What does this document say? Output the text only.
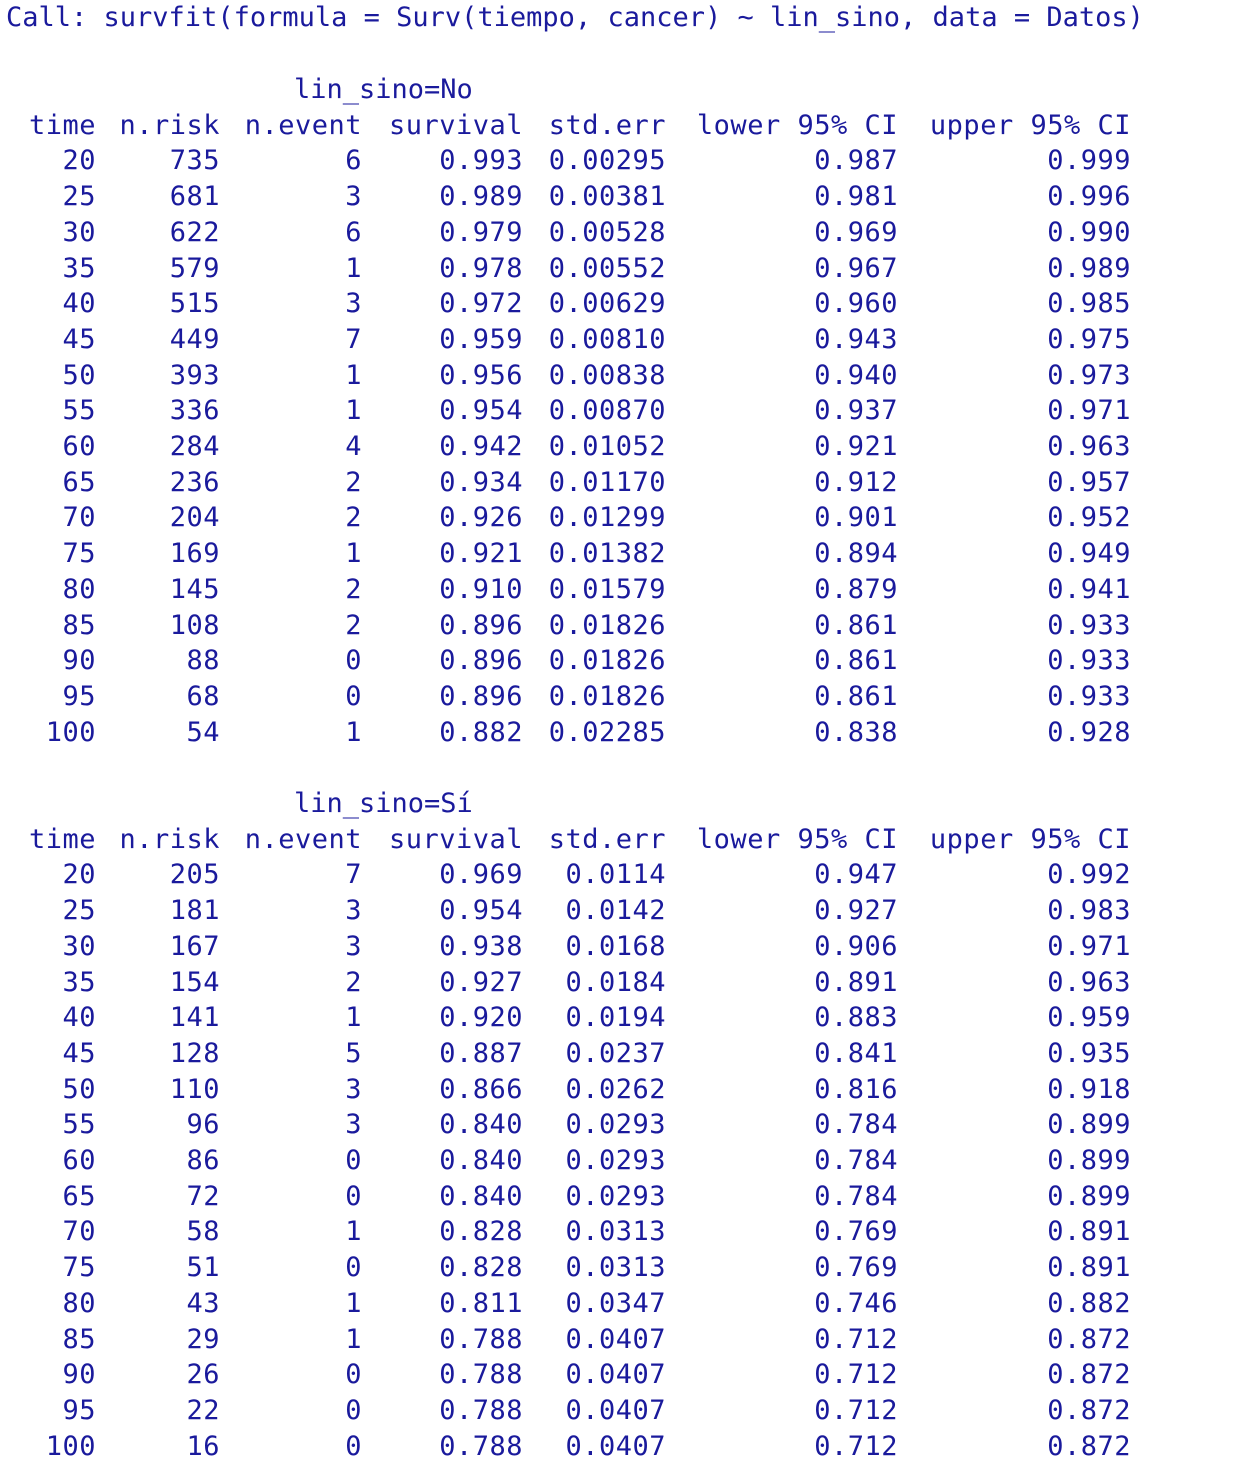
Call: survfit(formula = Surv(tiempo, cancer) ~ lin_sino, data = Datos)
lin_sino=No
time n.risk n.event survival std.err lower 95% CI upper 95% CI
20	735	6	0.993 0.00295	0.987	0.999
25	681	3	0.989 0.00381	0.981	0.996
30	622	6	0.979 0.00528	0.969	0.990
35	579	1	0.978 0.00552	0.967	0.989
40	515	3	0.972 0.00629	0.960	0.985
45	449	7	0.959 0.00810	0.943	0.975
50	393	1	0.956 0.00838	0.940	0.973
55	336	1	0.954 0.00870	0.937	0.971
60	284	4	0.942 0.01052	0.921	0.963
65	236	2	0.934 0.01170	0.912	0.957
70	204	2	0.926 0.01299	0.901	0.952
75	169	1	0.921 0.01382	0.894	0.949
80	145	2	0.910 0.01579	0.879	0.941
85	108	2	0.896 0.01826	0.861	0.933
90	88	0	0.896 0.01826	0.861	0.933
95	68	0	0.896 0.01826	0.861	0.933
100	54	1	0.882 0.02285	0.838	0.928
lin_sino=Sí
time n.risk n.event survival std.err lower 95% CI upper 95% CI
20	205	7	0.969 0.0114	0.947	0.992
25	181	3	0.954 0.0142	0.927	0.983
30	167	3	0.938 0.0168	0.906	0.971
35	154	2	0.927 0.0184	0.891	0.963
40	141	1	0.920 0.0194	0.883	0.959
45	128	5	0.887 0.0237	0.841	0.935
50	110	3	0.866 0.0262	0.816	0.918
55	96	3	0.840 0.0293	0.784	0.899
60	86	0	0.840 0.0293	0.784	0.899
65	72	0	0.840 0.0293	0.784	0.899
70	58	1	0.828 0.0313	0.769	0.891
75	51	0	0.828 0.0313	0.769	0.891
80	43	1	0.811 0.0347	0.746	0.882
85	29	1	0.788 0.0407	0.712	0.872
90	26	0	0.788 0.0407	0.712	0.872
95	22	0	0.788 0.0407	0.712	0.872
100	16	0	0.788 0.0407	0.712	0.872
